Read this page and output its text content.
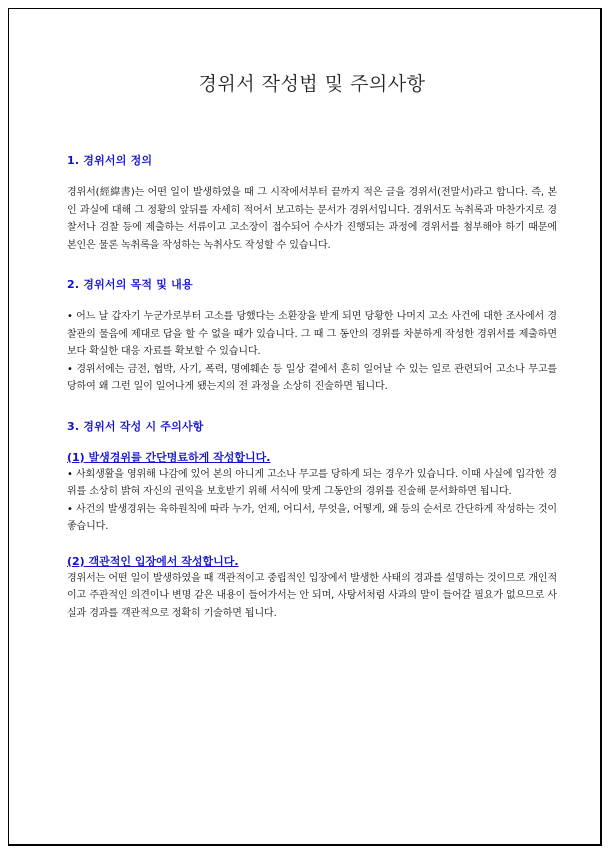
경위서 작성법 및 주의사항
1. 경위서의 정의

경위서(經緯書)는 어떤 일이 발생하였을 때 그 시작에서부터 끝까지 적은 글을 경위서(전말서)라고 합니다. 즉, 본인 과실에 대해 그 정황의 앞뒤를 자세히 적어서 보고하는 문서가 경위서입니다. 경위서도 녹취록과 마찬가지로 경찰서나 검찰 등에 제출하는 서류이고 고소장이 접수되어 수사가 진행되는 과정에 경위서를 첨부해야 하기 때문에 본인은 물론 녹취록을 작성하는 녹취사도 작성할 수 있습니다.

2. 경위서의 목적 및 내용

• 어느 날 갑자기 누군가로부터 고소를 당했다는 소환장을 받게 되면 당황한 나머지 고소 사건에 대한 조사에서 경찰관의 물음에 제대로 답을 할 수 없을 때가 있습니다. 그 때 그 동안의 경위를 차분하게 작성한 경위서를 제출하면 보다 확실한 대응 자료를 확보할 수 있습니다.

• 경위서에는 금전, 협박, 사기, 폭력, 명예훼손 등 일상 곁에서 흔히 일어날 수 있는 일로 관련되어 고소나 무고를 당하여 왜 그런 일이 일어나게 됐는지의 전 과정을 소상히 진술하면 됩니다.

3. 경위서 작성 시 주의사항
(1) 발생경위를 간단명료하게 작성합니다.

• 사회생활을 영위해 나감에 있어 본의 아니게 고소나 무고를 당하게 되는 경우가 있습니다. 이때 사실에 입각한 경위를 소상히 밝혀 자신의 권익을 보호받기 위해 서식에 맞게 그동안의 경위를 진술해 문서화하면 됩니다.

• 사건의 발생경위는 육하원칙에 따라 누가, 언제, 어디서, 무엇을, 어떻게, 왜 등의 순서로 간단하게 작성하는 것이 좋습니다.

(2) 객관적인 입장에서 작성합니다.

경위서는 어떤 일이 발생하였을 때 객관적이고 중립적인 입장에서 발생한 사태의 경과를 설명하는 것이므로 개인적이고 주관적인 의견이나 변명 같은 내용이 들어가서는 안 되며, 사탕서처럼 사과의 말이 들어갈 필요가 없으므로 사실과 경과를 객관적으로 정확히 기술하면 됩니다.
